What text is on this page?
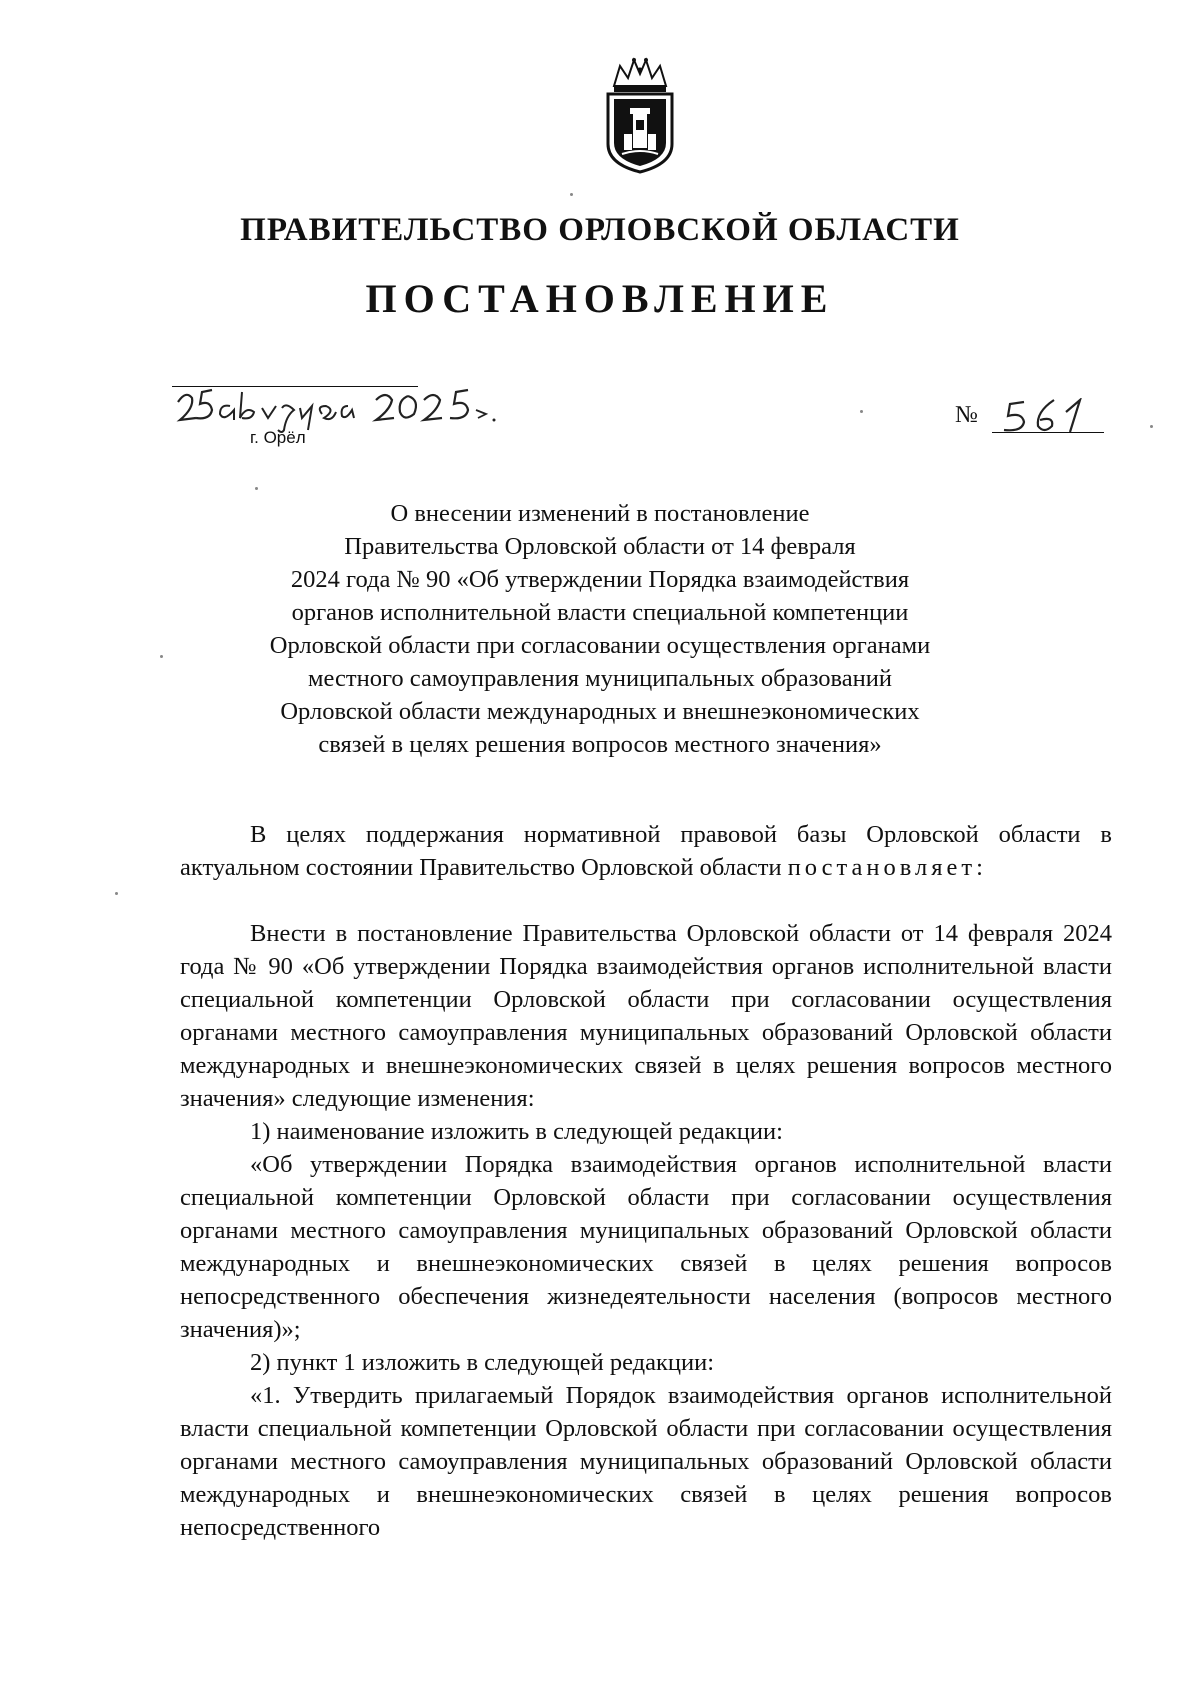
ПРАВИТЕЛЬСТВО ОРЛОВСКОЙ ОБЛАСТИ
ПОСТАНОВЛЕНИЕ
г. Орёл
№

О внесении изменений в постановление

Правительства Орловской области от 14 февраля

2024 года № 90 «Об утверждении Порядка взаимодействия

органов исполнительной власти специальной компетенции

Орловской области при согласовании осуществления органами

местного самоуправления муниципальных образований

Орловской области международных и внешнеэкономических

связей в целях решения вопросов местного значения»

В целях поддержания нормативной правовой базы Орловской области в актуальном состоянии Правительство Орловской области постановляет:

Внести в постановление Правительства Орловской области от 14 февраля 2024 года № 90 «Об утверждении Порядка взаимодействия органов исполнительной власти специальной компетенции Орловской области при согласовании осуществления органами местного самоуправления муниципальных образований Орловской области международных и внешнеэкономических связей в целях решения вопросов местного значения» следующие изменения:

1) наименование изложить в следующей редакции:

«Об утверждении Порядка взаимодействия органов исполнительной власти специальной компетенции Орловской области при согласовании осуществления органами местного самоуправления муниципальных образований Орловской области международных и внешнеэкономических связей в целях решения вопросов непосредственного обеспечения жизнедеятельности населения (вопросов местного значения)»;

2) пункт 1 изложить в следующей редакции:

«1. Утвердить прилагаемый Порядок взаимодействия органов исполнительной власти специальной компетенции Орловской области при согласовании осуществления органами местного самоуправления муниципальных образований Орловской области международных и внешнеэкономических связей в целях решения вопросов непосредственного
